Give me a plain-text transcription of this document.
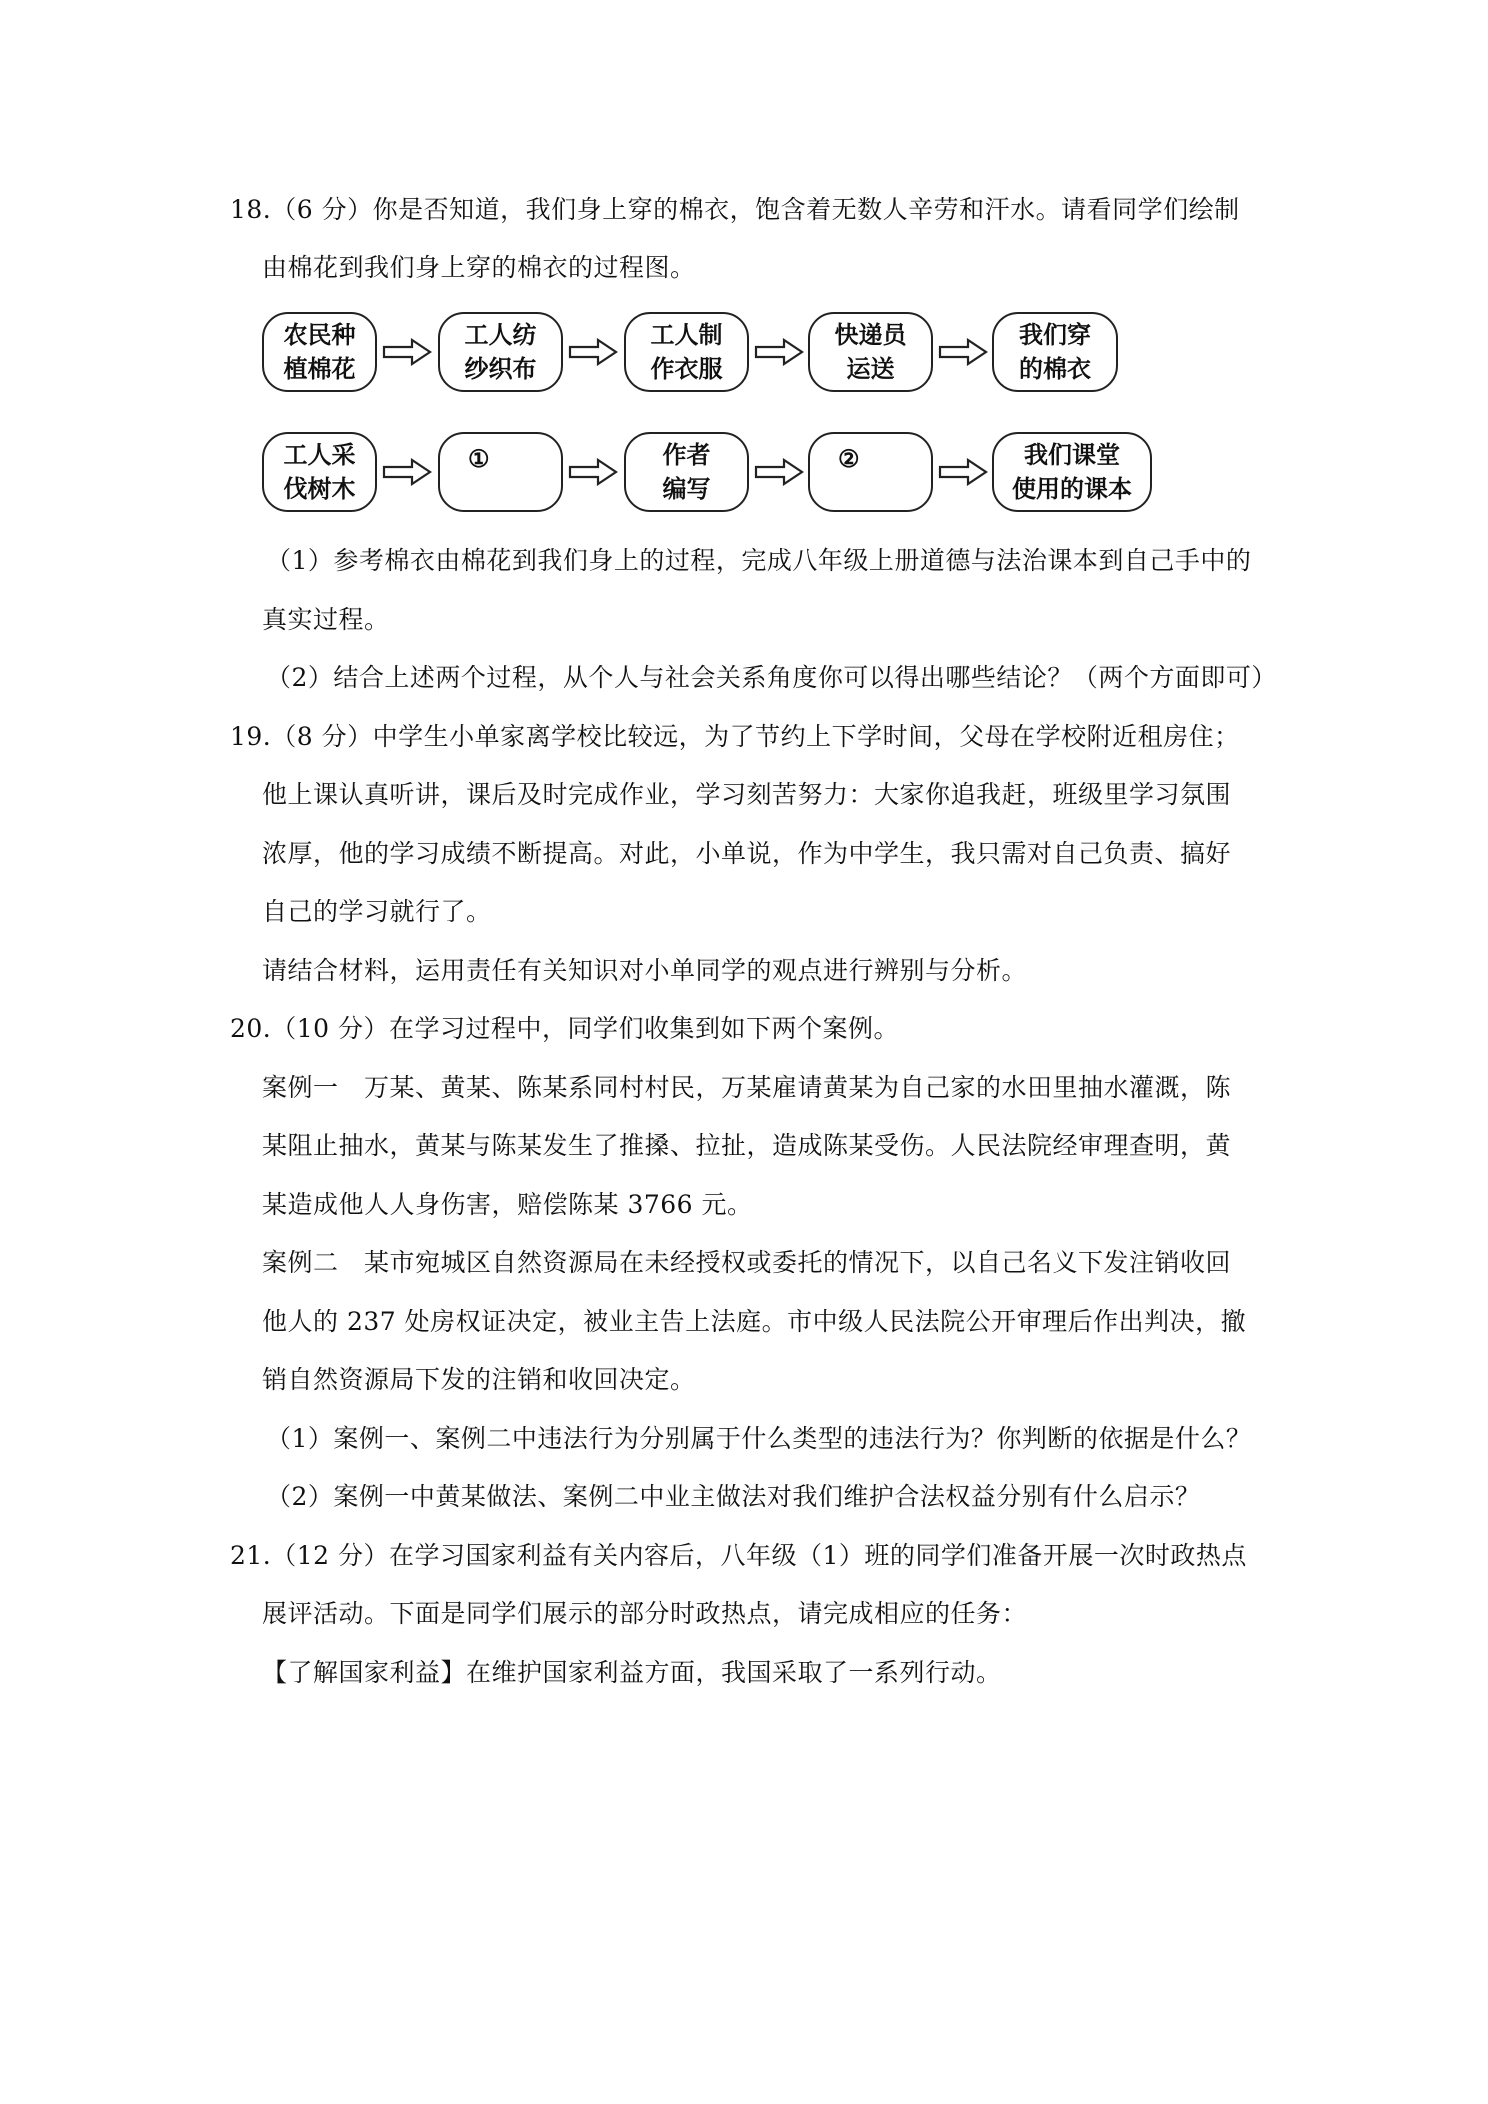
18.（6 分）你是否知道，我们身上穿的棉衣，饱含着无数人辛劳和汗水。请看同学们绘制
由棉花到我们身上穿的棉衣的过程图。
农民种
植棉花
工人纺
纱织布
工人制
作衣服
快递员
运送
我们穿
的棉衣
工人采
伐树木
①	作者
编写
②	我们课堂
使用的课本
（1）参考棉衣由棉花到我们身上的过程，完成八年级上册道德与法治课本到自己手中的
真实过程。
（2）结合上述两个过程，从个人与社会关系角度你可以得出哪些结论？（两个方面即可）
19.（8 分）中学生小单家离学校比较远，为了节约上下学时间，父母在学校附近租房住；
他上课认真听讲，课后及时完成作业，学习刻苦努力：大家你追我赶，班级里学习氛围
浓厚，他的学习成绩不断提高。对此，小单说，作为中学生，我只需对自己负责、搞好
自己的学习就行了。
请结合材料，运用责任有关知识对小单同学的观点进行辨别与分析。
20.（10 分）在学习过程中，同学们收集到如下两个案例。
案例一　万某、黄某、陈某系同村村民，万某雇请黄某为自己家的水田里抽水灌溉，陈
某阻止抽水，黄某与陈某发生了推搡、拉扯，造成陈某受伤。人民法院经审理查明，黄
某造成他人人身伤害，赔偿陈某 3766 元。
案例二　某市宛城区自然资源局在未经授权或委托的情况下，以自己名义下发注销收回
他人的 237 处房权证决定，被业主告上法庭。市中级人民法院公开审理后作出判决，撤
销自然资源局下发的注销和收回决定。
（1）案例一、案例二中违法行为分别属于什么类型的违法行为？你判断的依据是什么？
（2）案例一中黄某做法、案例二中业主做法对我们维护合法权益分别有什么启示？
21.（12 分）在学习国家利益有关内容后，八年级（1）班的同学们准备开展一次时政热点
展评活动。下面是同学们展示的部分时政热点，请完成相应的任务：
【了解国家利益】在维护国家利益方面，我国采取了一系列行动。
